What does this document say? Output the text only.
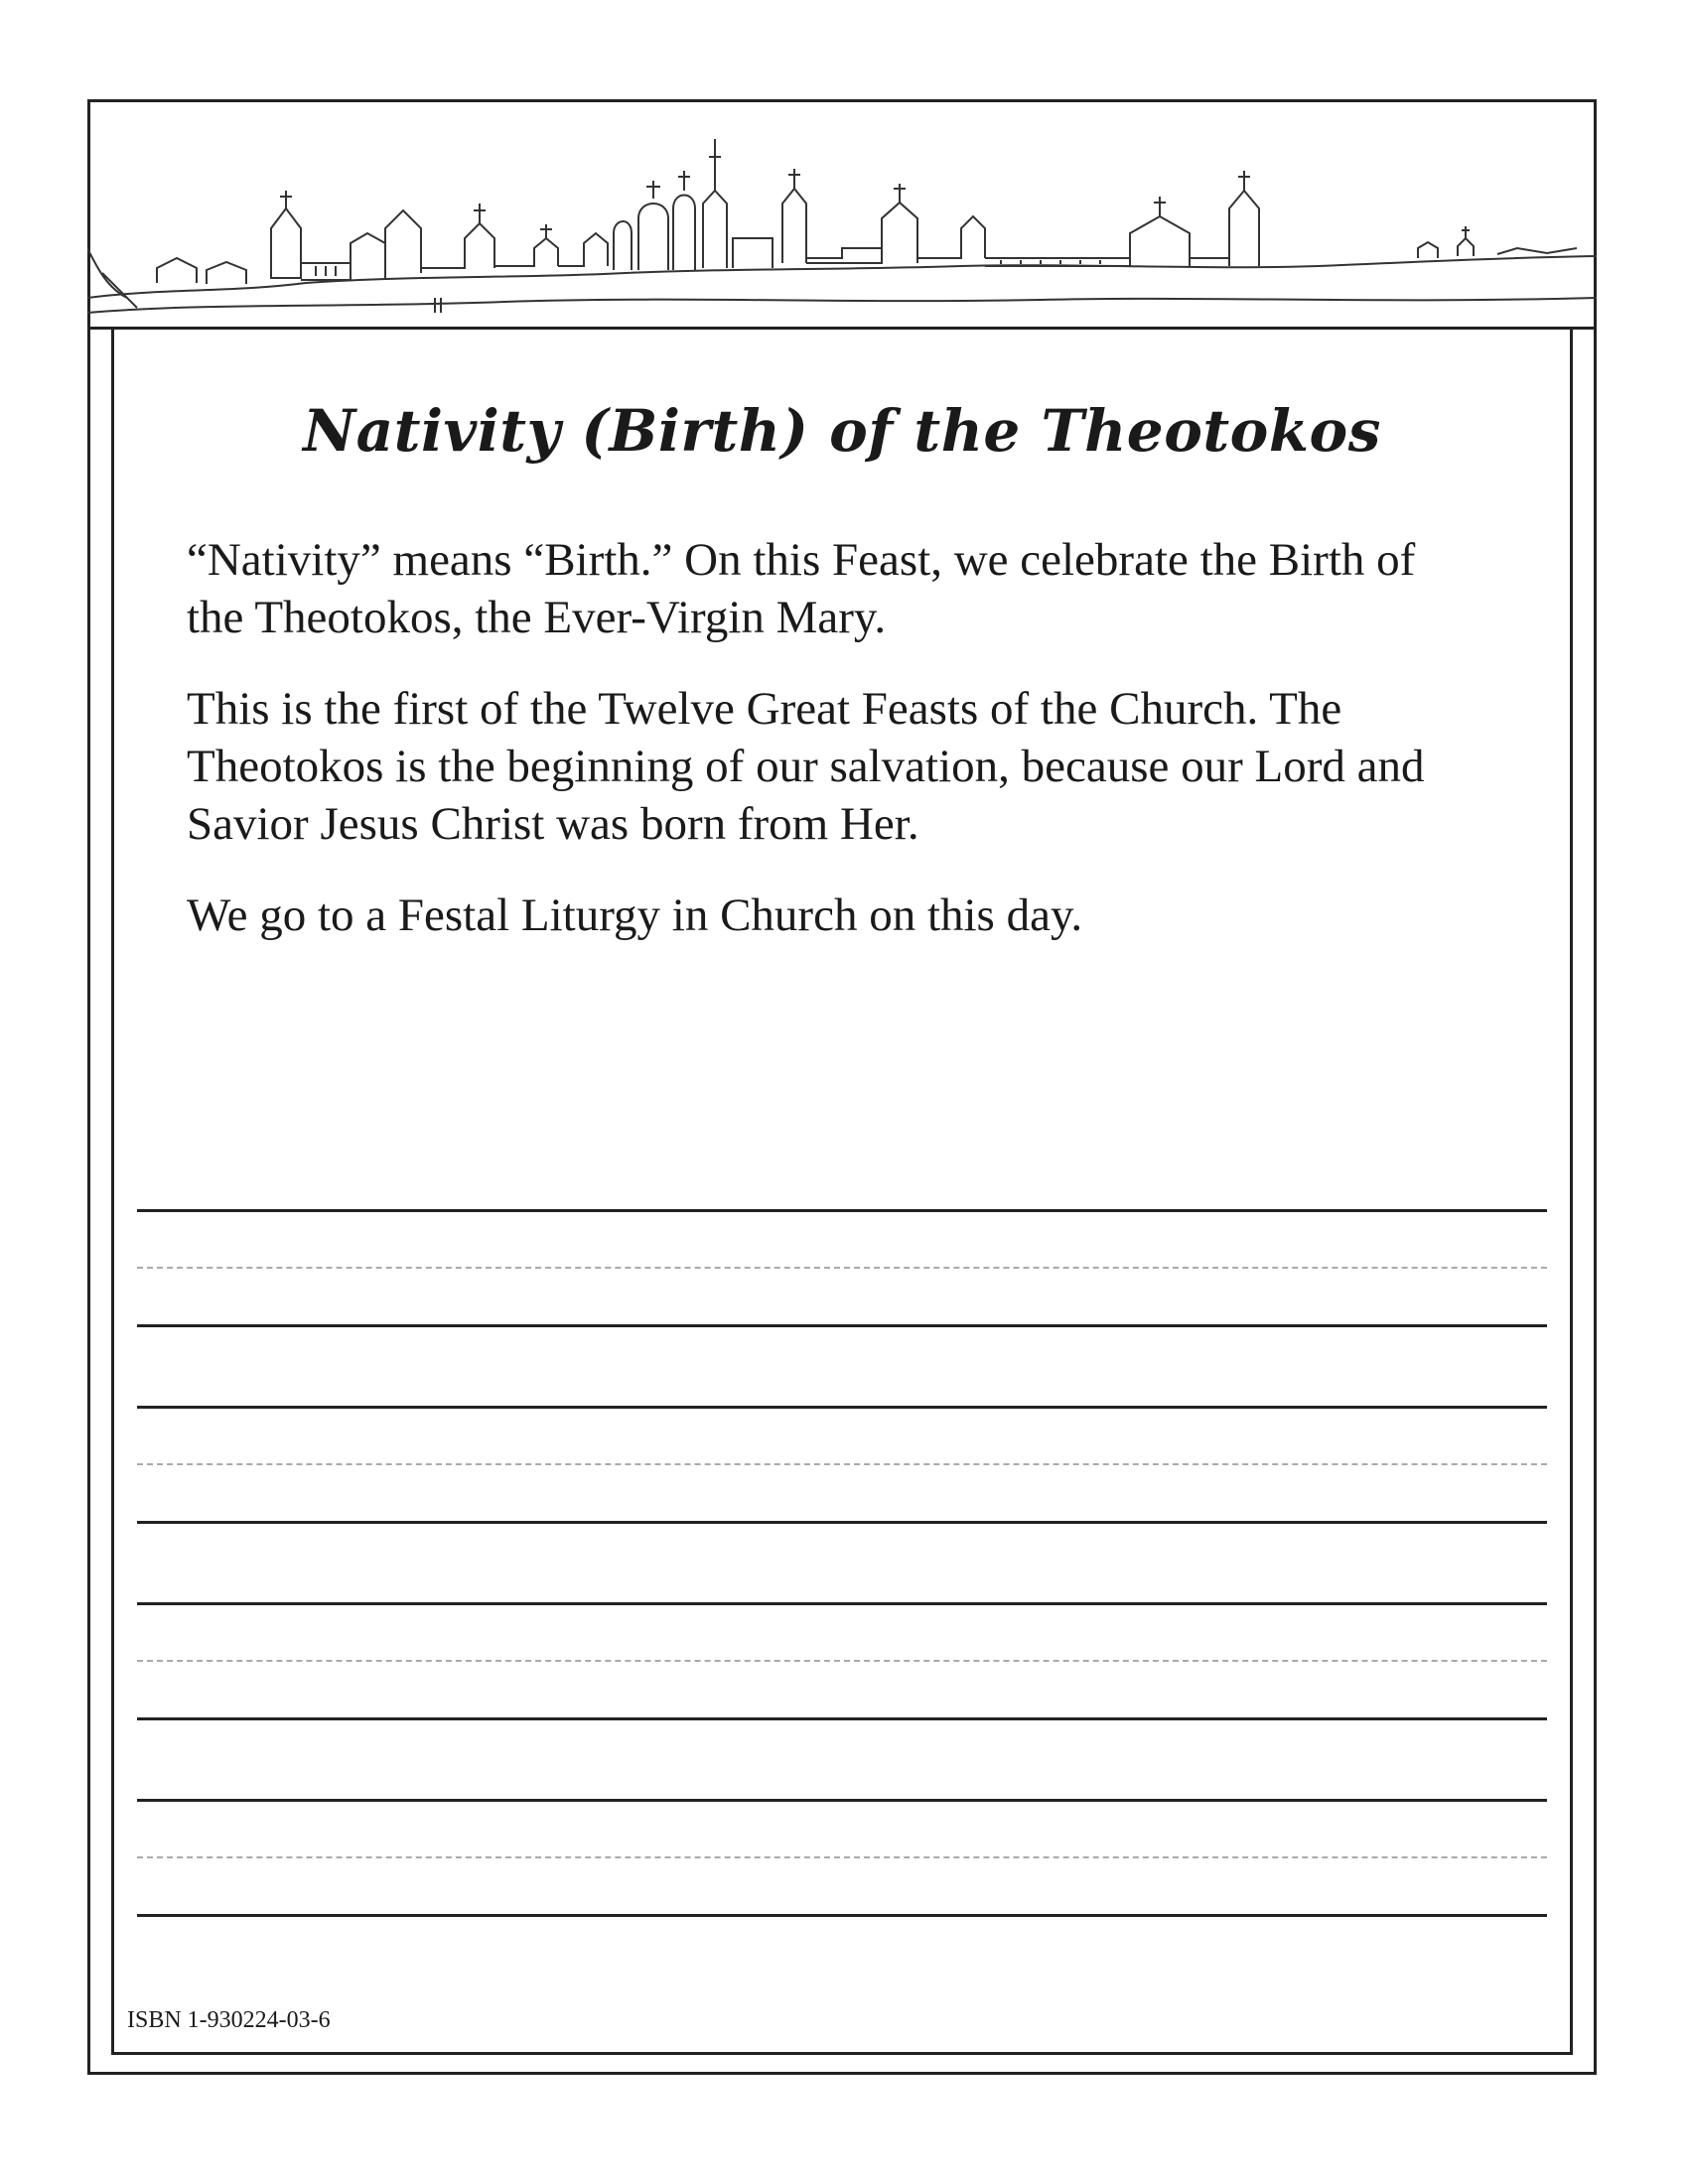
Nativity (Birth) of the Theotokos

“Nativity” means “Birth.” On this Feast, we celebrate the Birth of the Theotokos, the Ever-Virgin Mary.

This is the first of the Twelve Great Feasts of the Church. The Theotokos is the beginning of our salvation, because our Lord and Savior Jesus Christ was born from Her.

We go to a Festal Liturgy in Church on this day.

ISBN 1-930224-03-6
